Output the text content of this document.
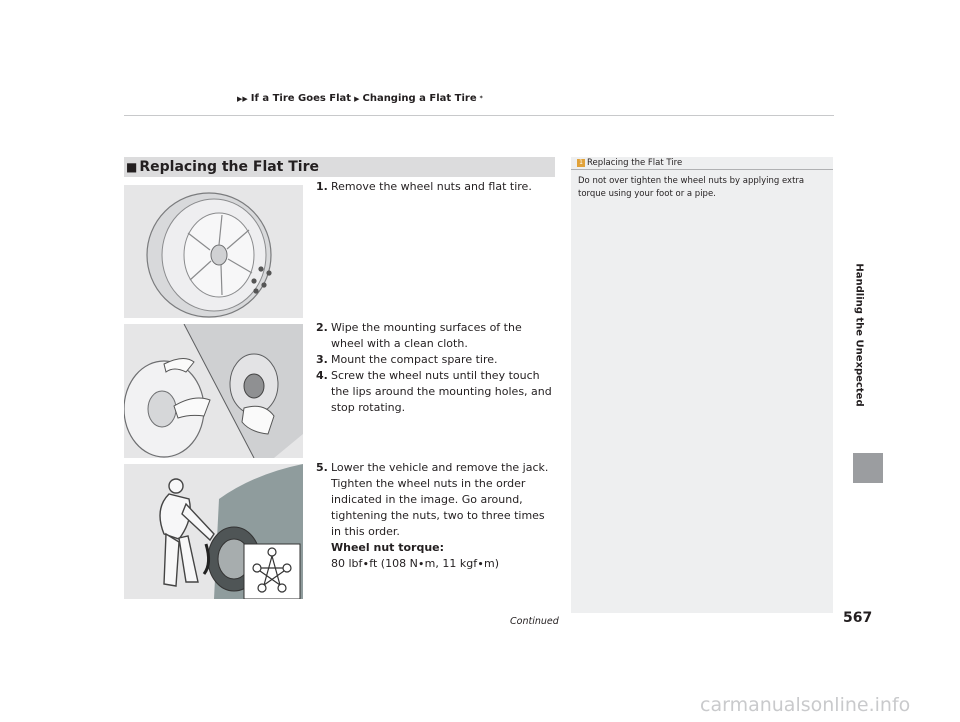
▶▶ If a Tire Goes Flat ▶ Changing a Flat Tire *
Handling the Unexpected
■ Replacing the Flat Tire
1. Remove the wheel nuts and flat tire.
2. Wipe the mounting surfaces of the wheel with a clean cloth.
3. Mount the compact spare tire.
4. Screw the wheel nuts until they touch the lips around the mounting holes, and stop rotating.
5. Lower the vehicle and remove the jack. Tighten the wheel nuts in the order indicated in the image. Go around, tightening the nuts, two to three times in this order.
Wheel nut torque:
80 lbf∙ft (108 N∙m, 11 kgf∙m)
1 Replacing the Flat Tire
Do not over tighten the wheel nuts by applying extra torque using your foot or a pipe.
Continued	567
carmanualsonline.info
